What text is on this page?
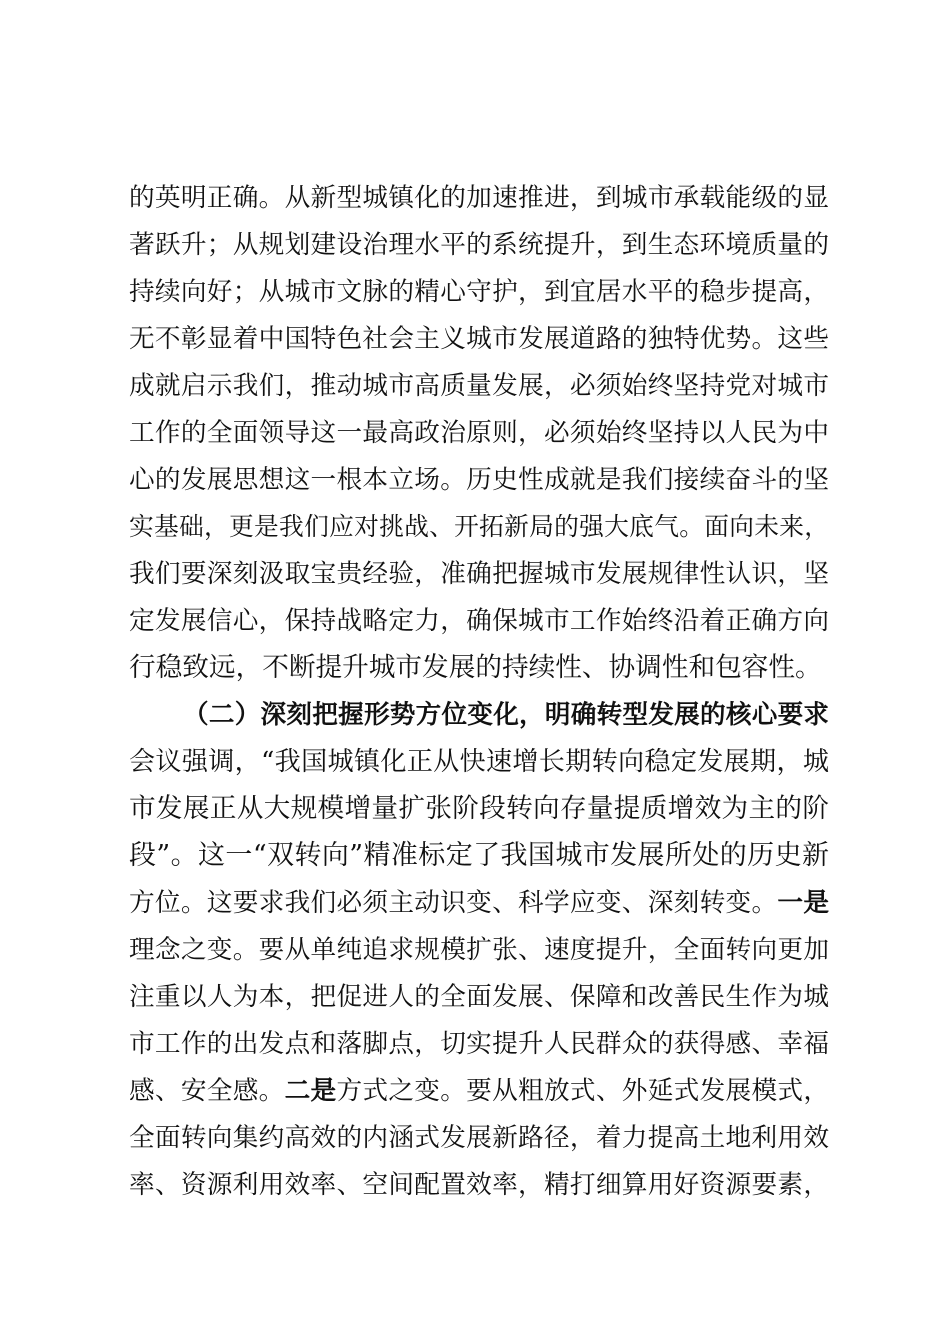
的英明正确。从新型城镇化的加速推进，到城市承载能级的显
著跃升；从规划建设治理水平的系统提升，到生态环境质量的
持续向好；从城市文脉的精心守护，到宜居水平的稳步提高，
无不彰显着中国特色社会主义城市发展道路的独特优势。这些
成就启示我们，推动城市高质量发展，必须始终坚持党对城市
工作的全面领导这一最高政治原则，必须始终坚持以人民为中
心的发展思想这一根本立场。历史性成就是我们接续奋斗的坚
实基础，更是我们应对挑战、开拓新局的强大底气。面向未来，
我们要深刻汲取宝贵经验，准确把握城市发展规律性认识，坚
定发展信心，保持战略定力，确保城市工作始终沿着正确方向
行稳致远，不断提升城市发展的持续性、协调性和包容性。
（二）深刻把握形势方位变化，明确转型发展的核心要求
会议强调，“我国城镇化正从快速增长期转向稳定发展期，城
市发展正从大规模增量扩张阶段转向存量提质增效为主的阶
段”。这一“双转向”精准标定了我国城市发展所处的历史新
方位。这要求我们必须主动识变、科学应变、深刻转变。一是
理念之变。要从单纯追求规模扩张、速度提升，全面转向更加
注重以人为本，把促进人的全面发展、保障和改善民生作为城
市工作的出发点和落脚点，切实提升人民群众的获得感、幸福
感、安全感。二是方式之变。要从粗放式、外延式发展模式，
全面转向集约高效的内涵式发展新路径，着力提高土地利用效
率、资源利用效率、空间配置效率，精打细算用好资源要素，
